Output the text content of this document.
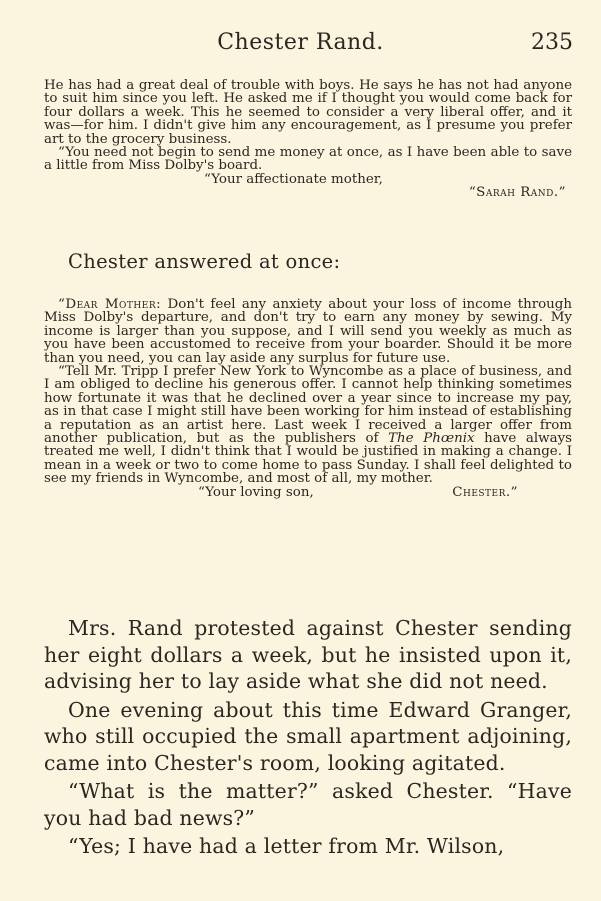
Chester Rand.	235

He has had a great deal of trouble with boys. He says he has not had anyone to suit him since you left. He asked me if I thought you would come back for four dollars a week. This he seemed to consider a very liberal offer, and it was—for him. I didn't give him any encouragement, as I presume you prefer art to the grocery business.

“You need not begin to send me money at once, as I have been able to save a little from Miss Dolby's board.

“Your affectionate mother,

“Sarah Rand.”

Chester answered at once:

“Dear Mother: Don't feel any anxiety about your loss of income through Miss Dolby's departure, and don't try to earn any money by sewing. My income is larger than you suppose, and I will send you weekly as much as you have been accustomed to receive from your boarder. Should it be more than you need, you can lay aside any surplus for future use.

“Tell Mr. Tripp I prefer New York to Wyncombe as a place of business, and I am obliged to decline his generous offer. I cannot help thinking sometimes how fortunate it was that he declined over a year since to increase my pay, as in that case I might still have been working for him instead of establishing a reputation as an artist here. Last week I received a larger offer from another publication, but as the publishers of The Phœnix have always treated me well, I didn't think that I would be justified in making a change. I mean in a week or two to come home to pass Sunday. I shall feel delighted to see my friends in Wyncombe, and most of all, my mother.

“Your loving son,	Chester.”

Mrs. Rand protested against Chester sending her eight dollars a week, but he insisted upon it, advising her to lay aside what she did not need.

One evening about this time Edward Granger, who still occupied the small apartment adjoining, came into Chester's room, looking agitated.

“What is the matter?” asked Chester. “Have you had bad news?”

“Yes; I have had a letter from Mr. Wilson,
